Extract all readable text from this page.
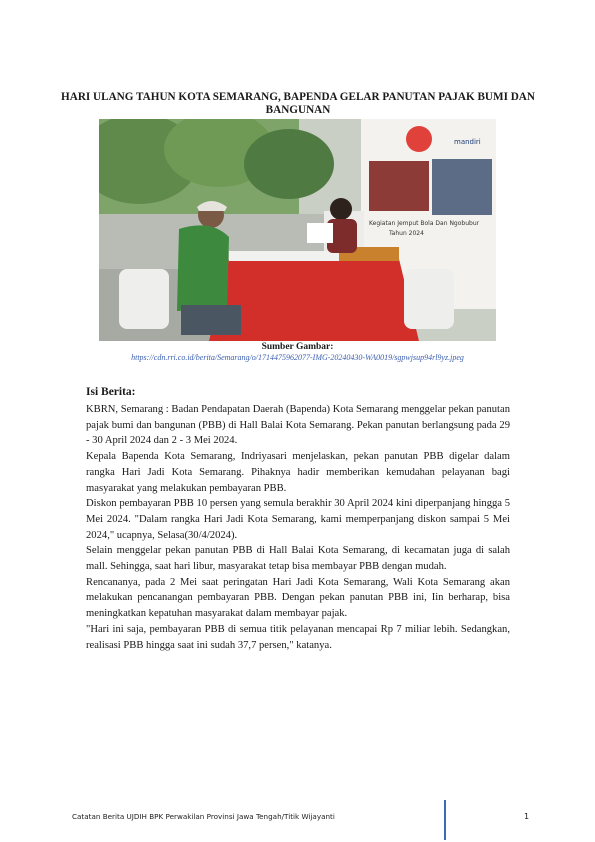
HARI ULANG TAHUN KOTA SEMARANG, BAPENDA GELAR PANUTAN PAJAK BUMI DAN BANGUNAN
mandiri
Kegiatan Jemput Bola Dan Ngobubur
Tahun 2024
Sumber Gambar:
https://cdn.rri.co.id/berita/Semarang/o/1714475962077-IMG-20240430-WA0019/sgpwjsup94rl9yz.jpeg
Isi Berita:

KBRN, Semarang : Badan Pendapatan Daerah (Bapenda) Kota Semarang menggelar pekan panutan pajak bumi dan bangunan (PBB) di Hall Balai Kota Semarang. Pekan panutan berlangsung pada 29 - 30 April 2024 dan 2 - 3 Mei 2024.

Kepala Bapenda Kota Semarang, Indriyasari menjelaskan, pekan panutan PBB digelar dalam rangka Hari Jadi Kota Semarang. Pihaknya hadir memberikan kemudahan pelayanan bagi masyarakat yang melakukan pembayaran PBB.

Diskon pembayaran PBB 10 persen yang semula berakhir 30 April 2024 kini diperpanjang hingga 5 Mei 2024. "Dalam rangka Hari Jadi Kota Semarang, kami memperpanjang diskon sampai 5 Mei 2024," ucapnya, Selasa(30/4/2024).

Selain menggelar pekan panutan PBB di Hall Balai Kota Semarang, di kecamatan juga di salah mall. Sehingga, saat hari libur, masyarakat tetap bisa membayar PBB dengan mudah.

Rencananya, pada 2 Mei saat peringatan Hari Jadi Kota Semarang, Wali Kota Semarang akan melakukan pencanangan pembayaran PBB. Dengan pekan panutan PBB ini, Iin berharap, bisa meningkatkan kepatuhan masyarakat dalam membayar pajak.

"Hari ini saja, pembayaran PBB di semua titik pelayanan mencapai Rp 7 miliar lebih. Sedangkan, realisasi PBB hingga saat ini sudah 37,7 persen," katanya.

Catatan Berita UJDIH BPK Perwakilan Provinsi Jawa Tengah/Titik Wijayanti	1
